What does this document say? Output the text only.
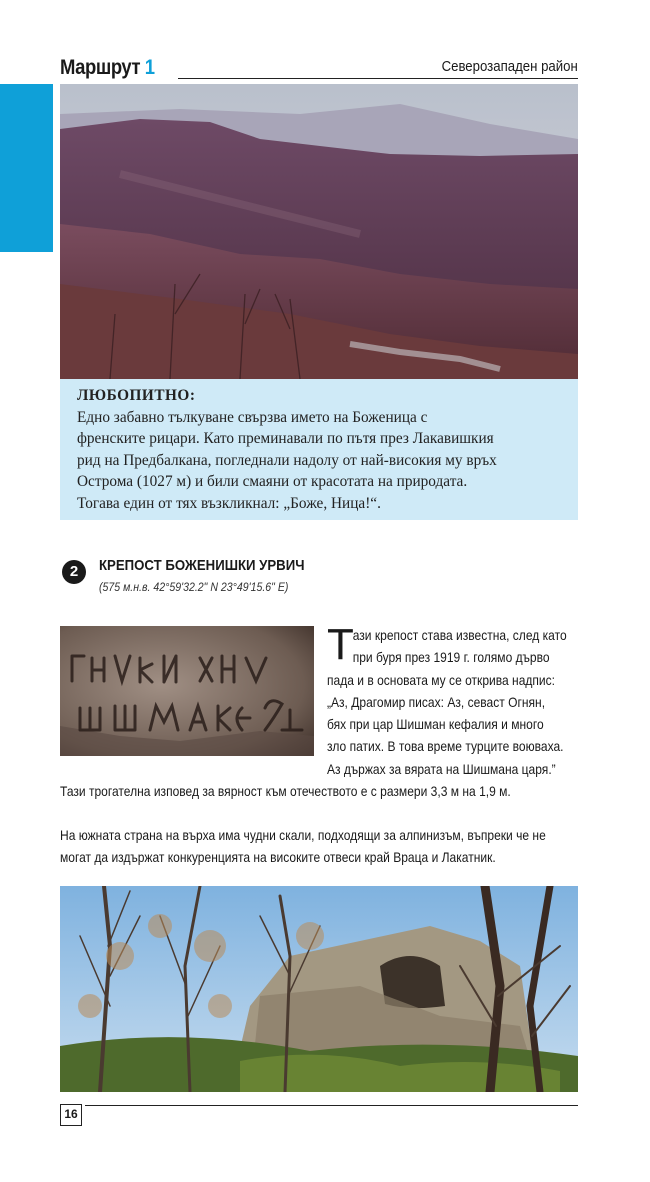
Маршрут 1	Северозападен район
ЛЮБОПИТНО:
Едно забавно тълкуване свързва името на Боженица с
френските рицари. Като преминавали по пътя през Лакавишкия
рид на Предбалкана, погледнали надолу от най-високия му връх
Острома (1027 м) и били смаяни от красотата на природата.
Тогава един от тях възкликнал: „Боже, Ница!“.
2	КРЕПОСТ БОЖЕНИШКИ УРВИЧ
(575 м.н.в. 42°59'32.2" N 23°49'15.6" E)
Т
ази крепост става известна, след като
при буря през 1919 г. голямо дърво
пада и в основата му се открива надпис:
„Аз, Драгомир писах: Аз, севаст Огнян,
бях при цар Шишман кефалия и много
зло патих. В това време турците воюваха.
Аз държах за вярата на Шишмана царя.”
Тази трогателна изповед за вярност към отечеството е с размери 3,3 м на 1,9 м.
На южната страна на върха има чудни скали, подходящи за алпинизъм, въпреки че не
могат да издържат конкуренцията на високите отвеси край Враца и Лакатник.
16
